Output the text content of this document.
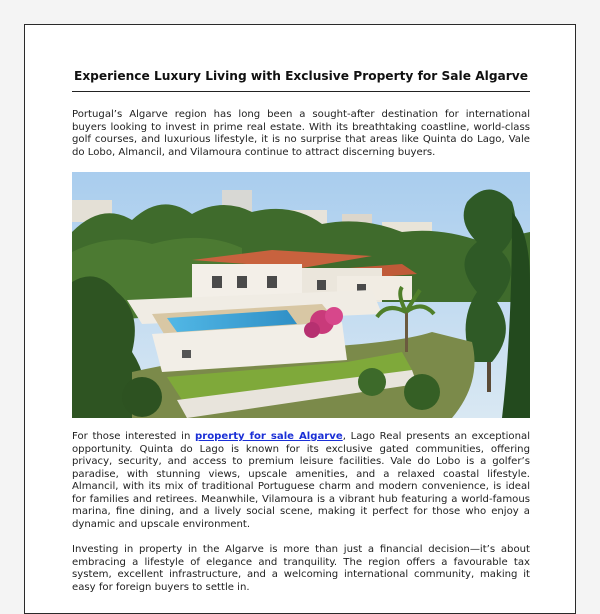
Experience Luxury Living with Exclusive Property for Sale Algarve

Portugal’s Algarve region has long been a sought-after destination for international buyers looking to invest in prime real estate. With its breathtaking coastline, world-class golf courses, and luxurious lifestyle, it is no surprise that areas like Quinta do Lago, Vale do Lobo, Almancil, and Vilamoura continue to attract discerning buyers.

For those interested in property for sale Algarve, Lago Real presents an exceptional opportunity. Quinta do Lago is known for its exclusive gated communities, offering privacy, security, and access to premium leisure facilities. Vale do Lobo is a golfer’s paradise, with stunning views, upscale amenities, and a relaxed coastal lifestyle. Almancil, with its mix of traditional Portuguese charm and modern convenience, is ideal for families and retirees. Meanwhile, Vilamoura is a vibrant hub featuring a world-famous marina, fine dining, and a lively social scene, making it perfect for those who enjoy a dynamic and upscale environment.

Investing in property in the Algarve is more than just a financial decision—it’s about embracing a lifestyle of elegance and tranquility. The region offers a favourable tax system, excellent infrastructure, and a welcoming international community, making it easy for foreign buyers to settle in.
